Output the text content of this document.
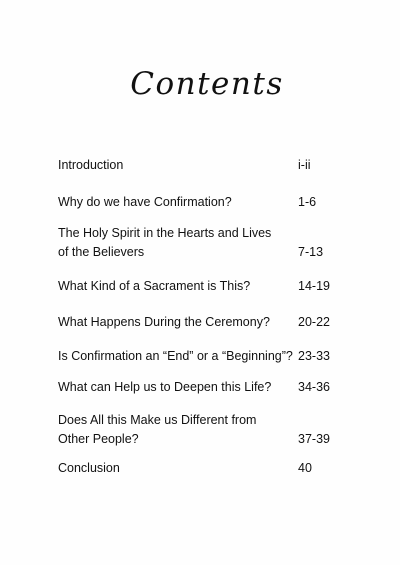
Contents
Introduction	i-ii
Why do we have Confirmation?	1-6
The Holy Spirit in the Hearts and Lives
of the Believers	7-13
What Kind of a Sacrament is This?	14-19
What Happens During the Ceremony?	20-22
Is Confirmation an “End” or a “Beginning”? 23-33
What can Help us to Deepen this Life?	34-36
Does All this Make us Different from
Other People?	37-39
Conclusion	40
